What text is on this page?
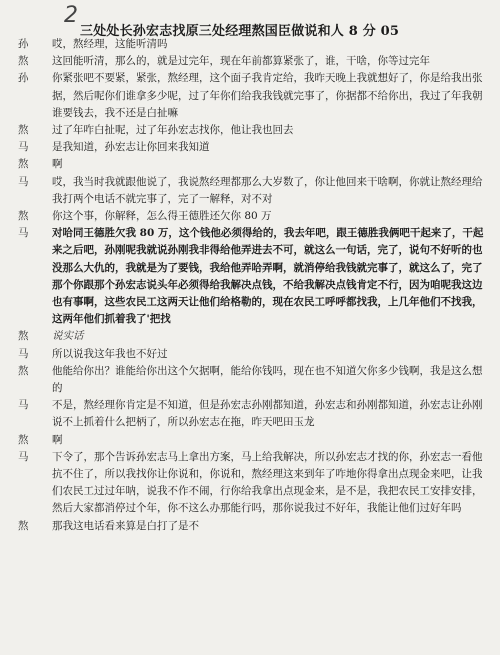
2
三处处长孙宏志找原三处经理熬国臣做说和人 8 分 05
孙	哎，熬经理，这能听清吗
熬	这回能听清，那么的，就是过完年，现在年前都算紧张了，谁，干啥，你等过完年
孙	你紧张吧不要紧，紧张，熬经理，这个面子我肯定给，我昨天晚上我就想好了，你是给我出张据，然后呢你们谁拿多少呢，过了年你们给我我钱就完事了，你据都不给你出，我过了年我朝谁要钱去，我不还是白扯嘛
熬	过了年咋白扯呢，过了年孙宏志找你，他让我也回去
马	是我知道，孙宏志让你回来我知道
熬	啊
马	哎，我当时我就跟他说了，我说熬经理都那么大岁数了，你让他回来干啥啊，你就让熬经理给我打两个电话不就完事了，完了一解释，对不对
熬	你这个事，你解释，怎么得王德胜还欠你 80 万
马	对哈同王德胜欠我 80 万，这个钱他必须得给的，我去年吧，跟王德胜我俩吧干起来了，干起来之后吧，孙刚呢我就说孙刚我非得给他弄进去不可，就这么一句话，完了，说句不好听的也没那么大仇的，我就是为了要钱，我给他弄哈弄啊，就消停给我钱就完事了，就这么了，完了那个你跟那个孙宏志说头年必须得给我解决点钱，不给我解决点钱肯定不行，因为咱呢我这边也有事啊，这些农民工这两天让他们给格勒的，现在农民工呼呼都找我，上几年他们不找我，这两年他们抓着我了'把找
熬	说实话
马	所以说我这年我也不好过
熬	他能给你出？谁能给你出这个欠据啊，能给你钱吗，现在也不知道欠你多少钱啊，我是这么想的
马	不是，熬经理你肯定是不知道，但是孙宏志孙刚都知道，孙宏志和孙刚都知道，孙宏志让孙刚说不上抓着什么把柄了，所以孙宏志在拖，昨天吧田玉龙
熬	啊
马	下令了，那个告诉孙宏志马上拿出方案，马上给我解决，所以孙宏志才找的你，孙宏志一看他抗不住了，所以我找你让你说和，你说和，熬经理这来到年了咋地你得拿出点现金来吧，让我们农民工过过年呐，说我不作不闹，行你给我拿出点现金来，是不是，我把农民工安排安排，然后大家都消停过个年，你不这么办那能行吗，那你说我过不好年，我能让他们过好年吗
熬	那我这电话看来算是白打了是不
